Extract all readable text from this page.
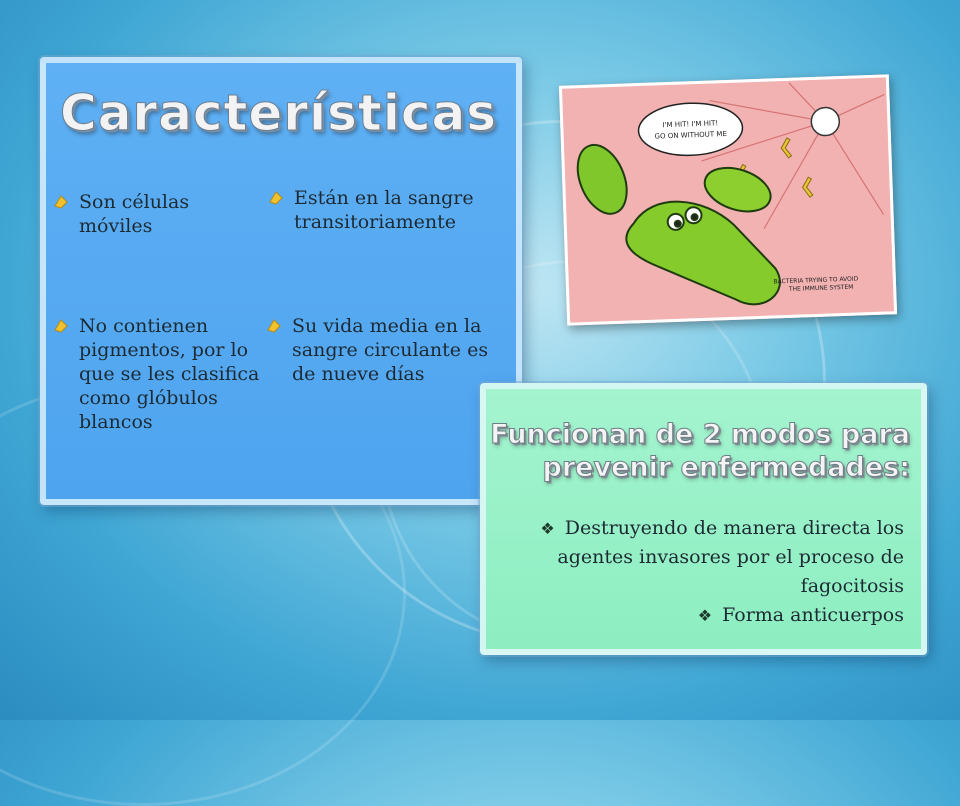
Características
Son células móviles
Están en la sangre transitoriamente
No contienen pigmentos, por lo que se les clasifica como glóbulos blancos
Su vida media en la sangre circulante es de nueve días
I'M HIT! I'M HIT!
GO ON WITHOUT ME
BACTERIA TRYING TO AVOID
THE IMMUNE SYSTEM
Funcionan de 2 modos para prevenir enfermedades:
❖ Destruyendo de manera directa los agentes invasores por el proceso de fagocitosis
❖ Forma anticuerpos
